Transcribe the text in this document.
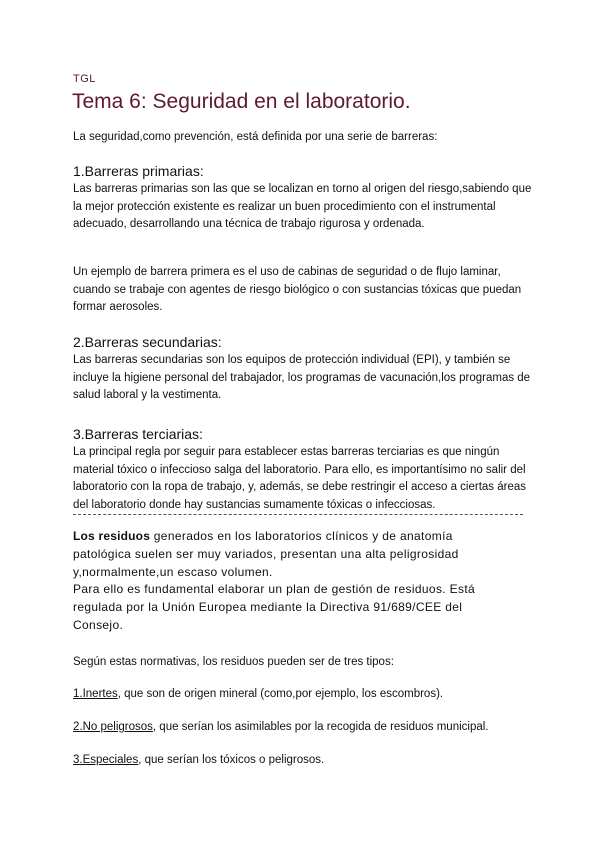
TGL
Tema 6: Seguridad en el laboratorio.

La seguridad,como prevención, está definida por una serie de barreras:

1.Barreras primarias:

Las barreras primarias son las que se localizan en torno al origen del riesgo,sabiendo que la mejor protección existente es realizar un buen procedimiento con el instrumental adecuado, desarrollando una técnica de trabajo rigurosa y ordenada.

Un ejemplo de barrera primera es el uso de cabinas de seguridad o de flujo laminar, cuando se trabaje con agentes de riesgo biológico o con sustancias tóxicas que puedan formar aerosoles.

2.Barreras secundarias:

Las barreras secundarias son los equipos de protección individual (EPI), y también se incluye la higiene personal del trabajador, los programas de vacunación,los programas de salud laboral y la vestimenta.

3.Barreras terciarias:

La principal regla por seguir para establecer estas barreras terciarias es que ningún material tóxico o infeccioso salga del laboratorio. Para ello, es importantísimo no salir del laboratorio con la ropa de trabajo, y, además, se debe restringir el acceso a ciertas áreas del laboratorio donde hay sustancias sumamente tóxicas o infecciosas.

Los residuos generados en los laboratorios clínicos y de anatomía patológica suelen ser muy variados, presentan una alta peligrosidad y,normalmente,un escaso volumen.
Para ello es fundamental elaborar un plan de gestión de residuos. Está regulada por la Unión Europea mediante la Directiva 91/689/CEE del Consejo.

Según estas normativas, los residuos pueden ser de tres tipos:

1.Inertes, que son de origen mineral (como,por ejemplo, los escombros).

2.No peligrosos, que serían los asimilables por la recogida de residuos municipal.

3.Especiales, que serían los tóxicos o peligrosos.
